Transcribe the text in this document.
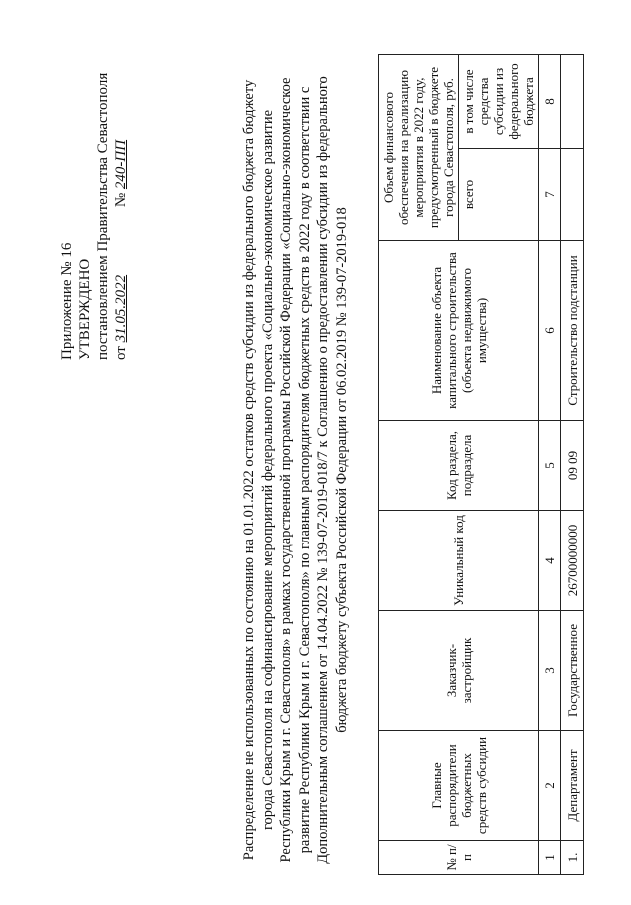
Приложение № 16 УТВЕРЖДЕНО постановлением Правительства Севастополя от 31.05.2022 № 240-ПП	Распределение не использованных по состоянию на 01.01.2022 остатков средств субсидии из федерального бюджета бюджету города Севастополя на софинансирование мероприятий федерального проекта «Социально-экономическое развитие Республики Крым и г. Севастополя» в рамках государственной программы Российской Федерации «Социально-экономическое развитие Республики Крым и г. Севастополя» по главным распорядителям бюджетных средств в 2022 году в соответствии с Дополнительным соглашением от 14.04.2022 № 139-07-2019-018/7 к Соглашению о предоставлении субсидии из федерального бюджета бюджету субъекта Российской Федерации от 06.02.2019 № 139-07-2019-018
№ п/п	Главные распорядители бюджетных средств субсидии	Заказчик-застройщик	Уникальный код	Код раздела, подраздела	Наименование объекта капитального строительства (объекта недвижимого имущества)	Объем финансового обеспечения на реализацию мероприятия в 2022 году, предусмотренный в бюджете города Севастополя, руб.	
						всего	в том числе средства субсидии из федерального бюджета
1	2	3	4	5	6	7	8
1.	Департамент	Государственное	26700000000	09 09	Строительство подстанции		
